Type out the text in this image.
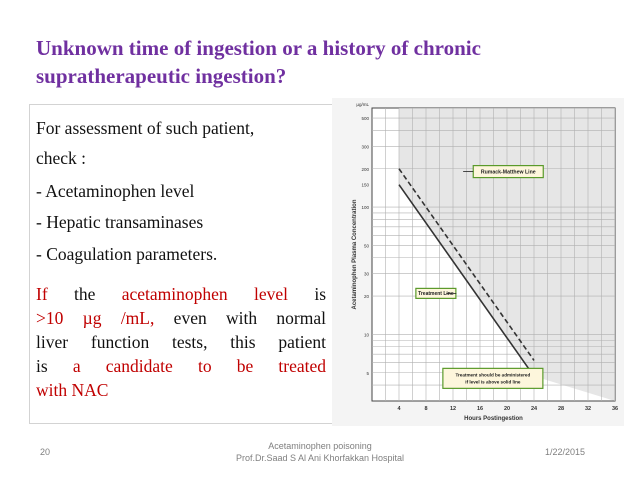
Unknown time of ingestion or a history of chronic supratherapeutic ingestion?
For assessment of such patient,
check :
- Acetaminophen level
- Hepatic transaminases
- Coagulation parameters.
If the acetaminophen level is
>10 µg /mL, even with normal
liver function tests, this patient
is a candidate to be treated
with NAC
5
10
20
30
50
100
150
200
300
500
µg/mL
4	8	12	16	20	24	28	32	36
Hours Postingestion
Acetaminophen Plasma Concentration
Rumack-Matthew Line
Treatment Line
Treatment should be administered
if level is above solid line
20
Acetaminophen poisoning
Prof.Dr.Saad S Al Ani Khorfakkan Hospital
1/22/2015
